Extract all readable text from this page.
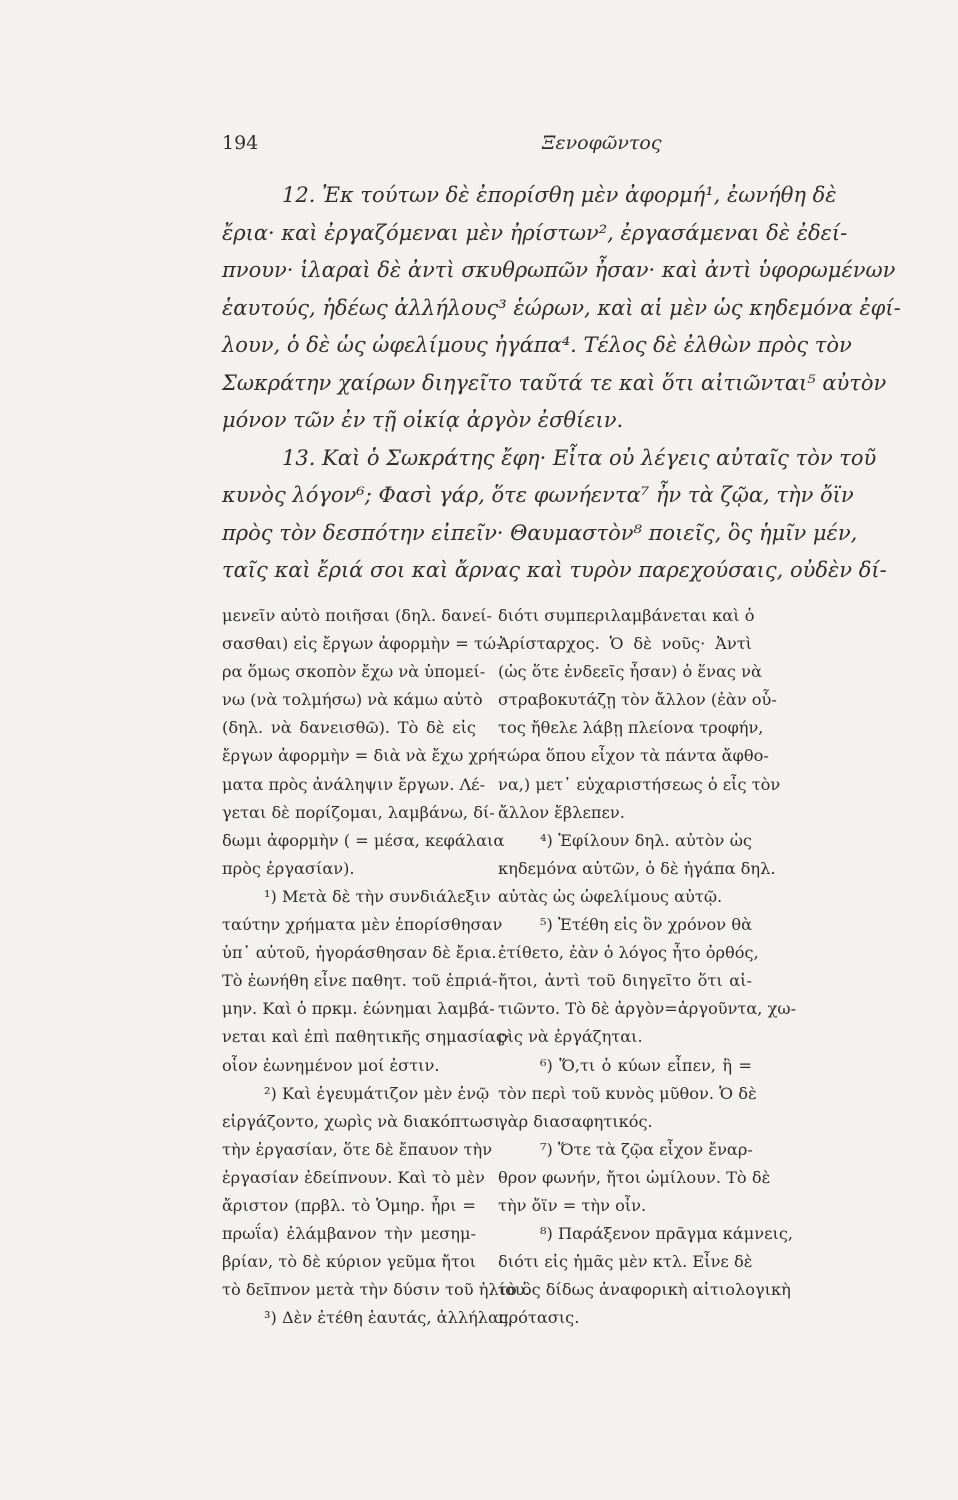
194	Ξενοφῶντος
12. Ἐκ τούτων δὲ ἐπορίσθη μὲν ἀφορμή¹, ἐωνήθη δὲ
ἔρια· καὶ ἐργαζόμεναι μὲν ἠρίστων², ἐργασάμεναι δὲ ἐδεί-
πνουν· ἱλαραὶ δὲ ἀντὶ σκυθρωπῶν ἦσαν· καὶ ἀντὶ ὑφορωμένων
ἑαυτούς, ἡδέως ἀλλήλους³ ἑώρων, καὶ αἱ μὲν ὡς κηδεμόνα ἐφί-
λουν, ὁ δὲ ὡς ὠφελίμους ἠγάπα⁴. Τέλος δὲ ἐλθὼν πρὸς τὸν
Σωκράτην χαίρων διηγεῖτο ταῦτά τε καὶ ὅτι αἰτιῶνται⁵ αὐτὸν
μόνον τῶν ἐν τῇ οἰκίᾳ ἀργὸν ἐσθίειν.
13. Καὶ ὁ Σωκράτης ἔφη· Εἶτα οὐ λέγεις αὐταῖς τὸν τοῦ
κυνὸς λόγον⁶; Φασὶ γάρ, ὅτε φωνήεντα⁷ ἦν τὰ ζῷα, τὴν ὄϊν
πρὸς τὸν δεσπότην εἰπεῖν· Θαυμαστὸν⁸ ποιεῖς, ὃς ἡμῖν μέν,
ταῖς καὶ ἔριά σοι καὶ ἄρνας καὶ τυρὸν παρεχούσαις, οὐδὲν δί-
μενεῖν αὐτὸ ποιῆσαι (δηλ. δανεί-
σασθαι) εἰς ἔργων ἀφορμὴν = τώ-
ρα ὅμως σκοπὸν ἔχω νὰ ὑπομεί-
νω (νὰ τολμήσω) νὰ κάμω αὐτὸ
(δηλ. νὰ δανεισθῶ). Τὸ δὲ εἰς
ἔργων ἀφορμὴν = διὰ νὰ ἔχω χρή-
ματα πρὸς ἀνάληψιν ἔργων. Λέ-
γεται δὲ πορίζομαι, λαμβάνω, δί-
δωμι ἀφορμὴν ( = μέσα, κεφάλαια
πρὸς ἐργασίαν).
¹) Μετὰ δὲ τὴν συνδιάλεξιν
ταύτην χρήματα μὲν ἐπορίσθησαν
ὑπ᾽ αὐτοῦ, ἠγοράσθησαν δὲ ἔρια.
Τὸ ἐωνήθη εἶνε παθητ. τοῦ ἐπριά-
μην. Καὶ ὁ πρκμ. ἐώνημαι λαμβά-
νεται καὶ ἐπὶ παθητικῆς σημασίας·
οἷον ἐωνημένον μοί ἐστιν.
²) Καὶ ἐγευμάτιζον μὲν ἐνῷ
εἰργάζοντο, χωρὶς νὰ διακόπτωσι
τὴν ἐργασίαν, ὅτε δὲ ἔπαυον τὴν
ἐργασίαν ἐδείπνουν. Καὶ τὸ μὲν
ἄριστον (πρβλ. τὸ Ὁμηρ. ἦρι =
πρωΐα) ἐλάμβανον τὴν μεσημ-
βρίαν, τὸ δὲ κύριον γεῦμα ἤτοι
τὸ δεῖπνον μετὰ τὴν δύσιν τοῦ ἡλίου.
³) Δὲν ἐτέθη ἑαυτάς, ἀλλήλας,
διότι συμπεριλαμβάνεται καὶ ὁ
Ἀρίσταρχος. Ὁ δὲ νοῦς· Ἀντὶ
(ὡς ὅτε ἐνδεεῖς ἦσαν) ὁ ἕνας νὰ
στραβοκυτάζῃ τὸν ἄλλον (ἐὰν οὗ-
τος ἤθελε λάβῃ πλείονα τροφήν,
τώρα ὅπου εἶχον τὰ πάντα ἄφθο-
να,) μετ᾽ εὐχαριστήσεως ὁ εἷς τὸν
ἄλλον ἔβλεπεν.
⁴) Ἐφίλουν δηλ. αὐτὸν ὡς
κηδεμόνα αὐτῶν, ὁ δὲ ἠγάπα δηλ.
αὐτὰς ὡς ὠφελίμους αὐτῷ.
⁵) Ἐτέθη εἰς ὃν χρόνον θὰ
ἐτίθετο, ἐὰν ὁ λόγος ἦτο ὀρθός,
ἤτοι, ἀντὶ τοῦ διηγεῖτο ὅτι αἰ-
τιῶντο. Τὸ δὲ ἀργὸν=ἀργοῦντα, χω-
ρὶς νὰ ἐργάζηται.
⁶) Ὅ,τι ὁ κύων εἶπεν, ἢ =
τὸν περὶ τοῦ κυνὸς μῦθον. Ὁ δὲ
γὰρ διασαφητικός.
⁷) Ὅτε τὰ ζῷα εἶχον ἔναρ-
θρον φωνήν, ἤτοι ὡμίλουν. Τὸ δὲ
τὴν ὄϊν = τὴν οἶν.
⁸) Παράξενον πρᾶγμα κάμνεις,
διότι εἰς ἡμᾶς μὲν κτλ. Εἶνε δὲ
τὸ ὃς δίδως ἀναφορικὴ αἰτιολογικὴ
πρότασις.
